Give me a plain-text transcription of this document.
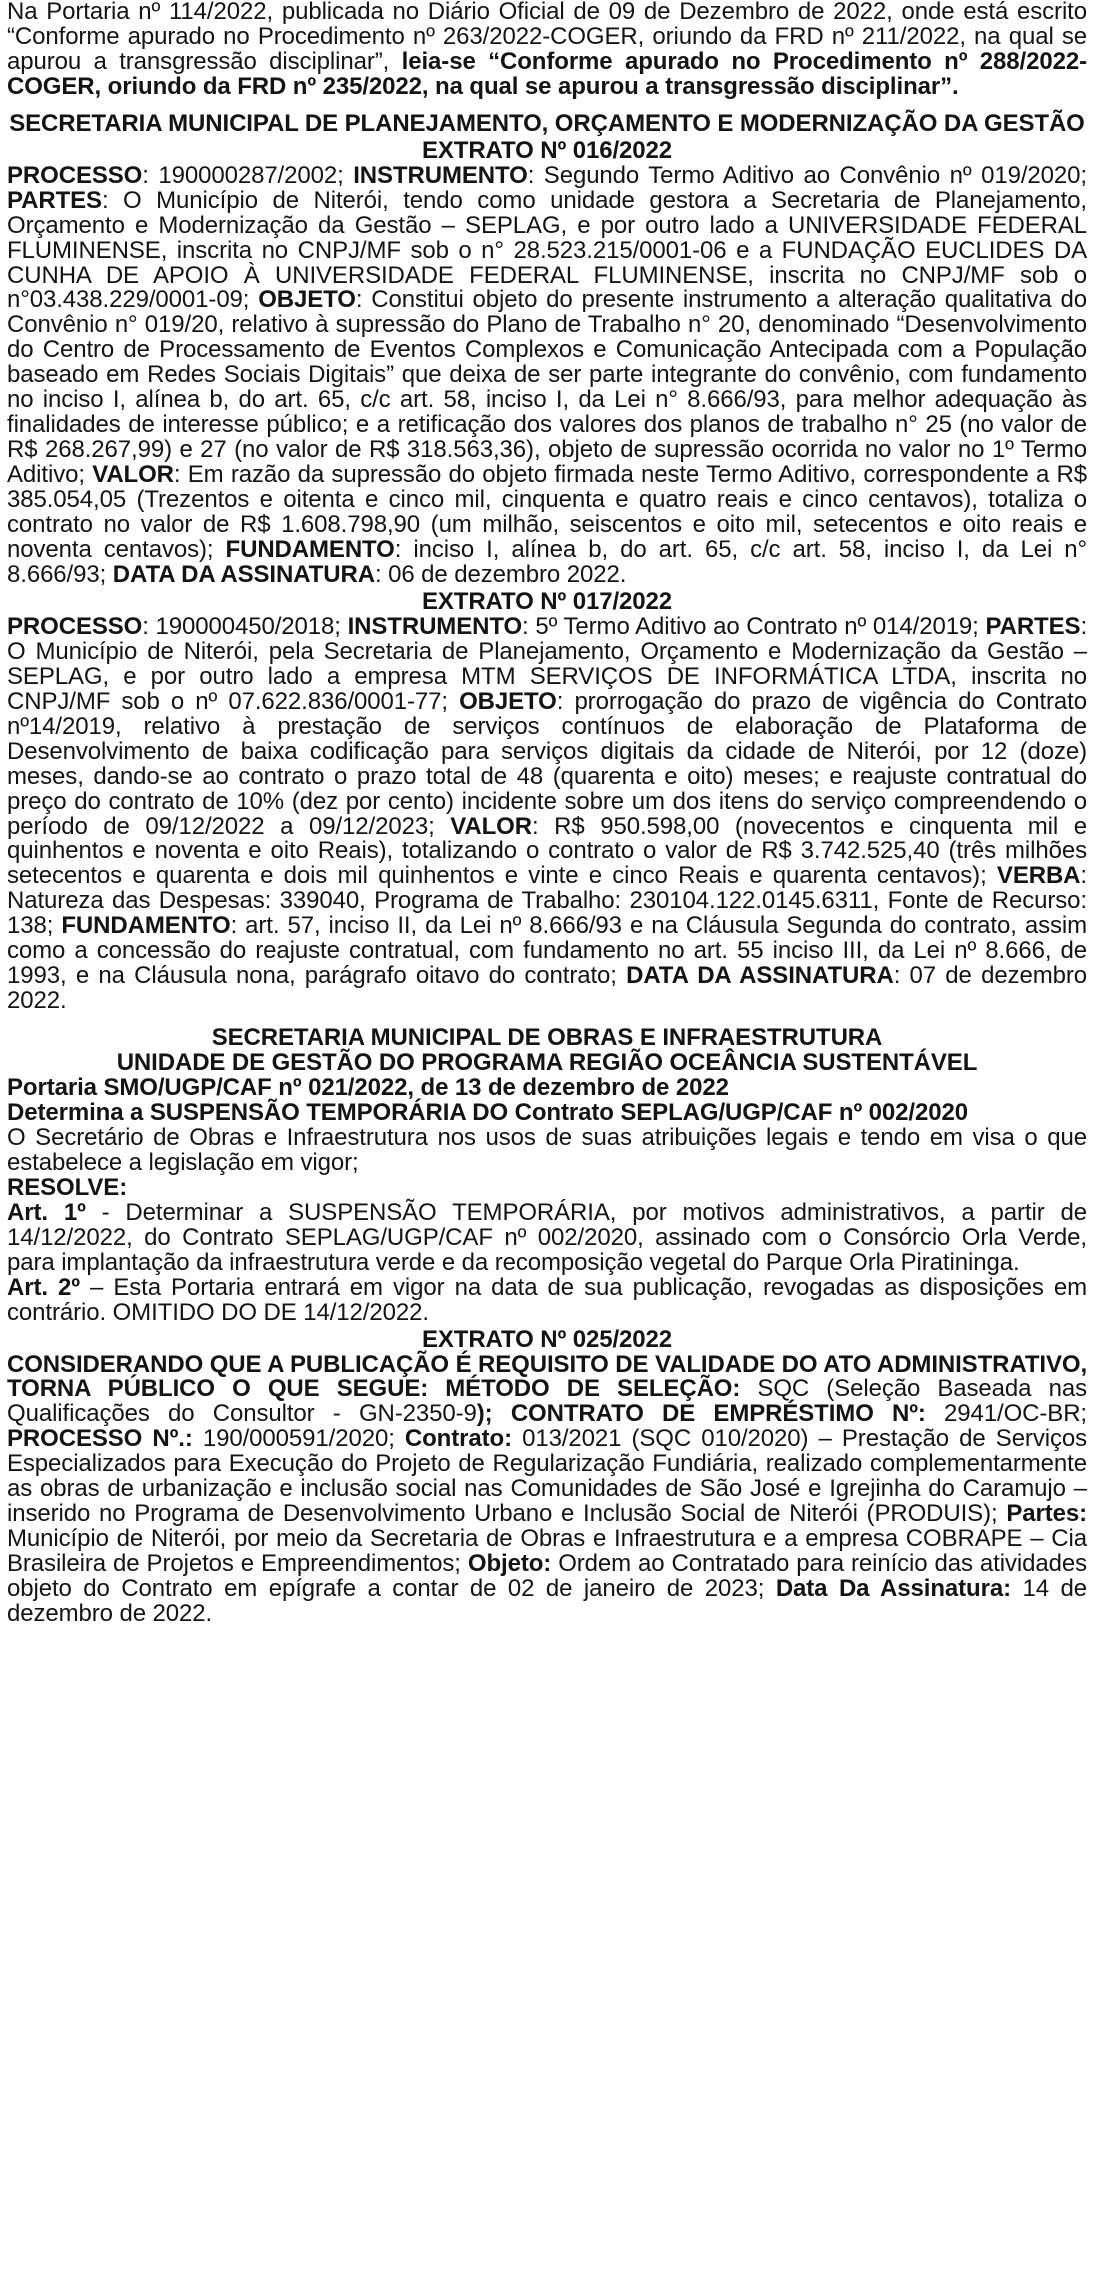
Na Portaria nº 114/2022, publicada no Diário Oficial de 09 de Dezembro de 2022, onde está escrito “Conforme apurado no Procedimento nº 263/2022-COGER, oriundo da FRD nº 211/2022, na qual se apurou a transgressão disciplinar”, leia-se “Conforme apurado no Procedimento nº 288/2022-COGER, oriundo da FRD nº 235/2022, na qual se apurou a transgressão disciplinar”.

SECRETARIA MUNICIPAL DE PLANEJAMENTO, ORÇAMENTO E MODERNIZAÇÃO DA GESTÃO

EXTRATO Nº 016/2022

PROCESSO: 190000287/2002; INSTRUMENTO: Segundo Termo Aditivo ao Convênio nº 019/2020; PARTES: O Município de Niterói, tendo como unidade gestora a Secretaria de Planejamento, Orçamento e Modernização da Gestão – SEPLAG, e por outro lado a UNIVERSIDADE FEDERAL FLUMINENSE, inscrita no CNPJ/MF sob o n° 28.523.215/0001-06 e a FUNDAÇÃO EUCLIDES DA CUNHA DE APOIO À UNIVERSIDADE FEDERAL FLUMINENSE, inscrita no CNPJ/MF sob o n°03.438.229/0001-09; OBJETO: Constitui objeto do presente instrumento a alteração qualitativa do Convênio n° 019/20, relativo à supressão do Plano de Trabalho n° 20, denominado “Desenvolvimento do Centro de Processamento de Eventos Complexos e Comunicação Antecipada com a População baseado em Redes Sociais Digitais” que deixa de ser parte integrante do convênio, com fundamento no inciso I, alínea b, do art. 65, c/c art. 58, inciso I, da Lei n° 8.666/93, para melhor adequação às finalidades de interesse público; e a retificação dos valores dos planos de trabalho n° 25 (no valor de R$ 268.267,99) e 27 (no valor de R$ 318.563,36), objeto de supressão ocorrida no valor no 1º Termo Aditivo; VALOR: Em razão da supressão do objeto firmada neste Termo Aditivo, correspondente a R$ 385.054,05 (Trezentos e oitenta e cinco mil, cinquenta e quatro reais e cinco centavos), totaliza o contrato no valor de R$ 1.608.798,90 (um milhão, seiscentos e oito mil, setecentos e oito reais e noventa centavos); FUNDAMENTO: inciso I, alínea b, do art. 65, c/c art. 58, inciso I, da Lei n° 8.666/93; DATA DA ASSINATURA: 06 de dezembro 2022.

EXTRATO Nº 017/2022

PROCESSO: 190000450/2018; INSTRUMENTO: 5º Termo Aditivo ao Contrato nº 014/2019; PARTES: O Município de Niterói, pela Secretaria de Planejamento, Orçamento e Modernização da Gestão – SEPLAG, e por outro lado a empresa MTM SERVIÇOS DE INFORMÁTICA LTDA, inscrita no CNPJ/MF sob o nº 07.622.836/0001-77; OBJETO: prorrogação do prazo de vigência do Contrato nº14/2019, relativo à prestação de serviços contínuos de elaboração de Plataforma de Desenvolvimento de baixa codificação para serviços digitais da cidade de Niterói, por 12 (doze) meses, dando-se ao contrato o prazo total de 48 (quarenta e oito) meses; e reajuste contratual do preço do contrato de 10% (dez por cento) incidente sobre um dos itens do serviço compreendendo o período de 09/12/2022 a 09/12/2023; VALOR: R$ 950.598,00 (novecentos e cinquenta mil e quinhentos e noventa e oito Reais), totalizando o contrato o valor de R$ 3.742.525,40 (três milhões setecentos e quarenta e dois mil quinhentos e vinte e cinco Reais e quarenta centavos); VERBA: Natureza das Despesas: 339040, Programa de Trabalho: 230104.122.0145.6311, Fonte de Recurso: 138; FUNDAMENTO: art. 57, inciso II, da Lei nº 8.666/93 e na Cláusula Segunda do contrato, assim como a concessão do reajuste contratual, com fundamento no art. 55 inciso III, da Lei nº 8.666, de 1993, e na Cláusula nona, parágrafo oitavo do contrato; DATA DA ASSINATURA: 07 de dezembro 2022.

SECRETARIA MUNICIPAL DE OBRAS E INFRAESTRUTURA

UNIDADE DE GESTÃO DO PROGRAMA REGIÃO OCEÂNCIA SUSTENTÁVEL

Portaria SMO/UGP/CAF nº 021/2022, de 13 de dezembro de 2022

Determina a SUSPENSÃO TEMPORÁRIA DO Contrato SEPLAG/UGP/CAF nº 002/2020

O Secretário de Obras e Infraestrutura nos usos de suas atribuições legais e tendo em visa o que estabelece a legislação em vigor;

RESOLVE:

Art. 1º - Determinar a SUSPENSÃO TEMPORÁRIA, por motivos administrativos, a partir de 14/12/2022, do Contrato SEPLAG/UGP/CAF nº 002/2020, assinado com o Consórcio Orla Verde, para implantação da infraestrutura verde e da recomposição vegetal do Parque Orla Piratininga.

Art. 2º – Esta Portaria entrará em vigor na data de sua publicação, revogadas as disposições em contrário. OMITIDO DO DE 14/12/2022.

EXTRATO Nº 025/2022

CONSIDERANDO QUE A PUBLICAÇÃO É REQUISITO DE VALIDADE DO ATO ADMINISTRATIVO, TORNA PÚBLICO O QUE SEGUE: MÉTODO DE SELEÇÃO: SQC (Seleção Baseada nas Qualificações do Consultor - GN-2350-9); CONTRATO DE EMPRÉSTIMO Nº: 2941/OC-BR; PROCESSO Nº.: 190/000591/2020; Contrato: 013/2021 (SQC 010/2020) – Prestação de Serviços Especializados para Execução do Projeto de Regularização Fundiária, realizado complementarmente as obras de urbanização e inclusão social nas Comunidades de São José e Igrejinha do Caramujo – inserido no Programa de Desenvolvimento Urbano e Inclusão Social de Niterói (PRODUIS); Partes: Município de Niterói, por meio da Secretaria de Obras e Infraestrutura e a empresa COBRAPE – Cia Brasileira de Projetos e Empreendimentos; Objeto: Ordem ao Contratado para reinício das atividades objeto do Contrato em epígrafe a contar de 02 de janeiro de 2023; Data Da Assinatura: 14 de dezembro de 2022.
